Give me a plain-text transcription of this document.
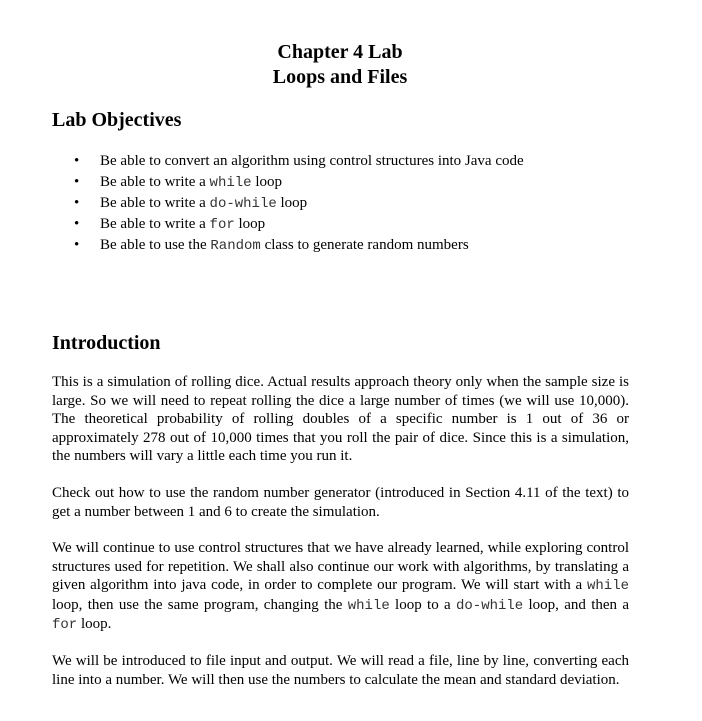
Chapter 4 Lab
Loops and Files
Lab Objectives
• Be able to convert an algorithm using control structures into Java code
• Be able to write a while loop
• Be able to write a do-while loop
• Be able to write a for loop
• Be able to use the Random class to generate random numbers
Introduction

This is a simulation of rolling dice. Actual results approach theory only when the sample size is large. So we will need to repeat rolling the dice a large number of times (we will use 10,000). The theoretical probability of rolling doubles of a specific number is 1 out of 36 or approximately 278 out of 10,000 times that you roll the pair of dice. Since this is a simulation, the numbers will vary a little each time you run it.

Check out how to use the random number generator (introduced in Section 4.11 of the text) to get a number between 1 and 6 to create the simulation.

We will continue to use control structures that we have already learned, while exploring control structures used for repetition. We shall also continue our work with algorithms, by translating a given algorithm into java code, in order to complete our program. We will start with a while loop, then use the same program, changing the while loop to a do-while loop, and then a for loop.

We will be introduced to file input and output. We will read a file, line by line, converting each line into a number. We will then use the numbers to calculate the mean and standard deviation.
